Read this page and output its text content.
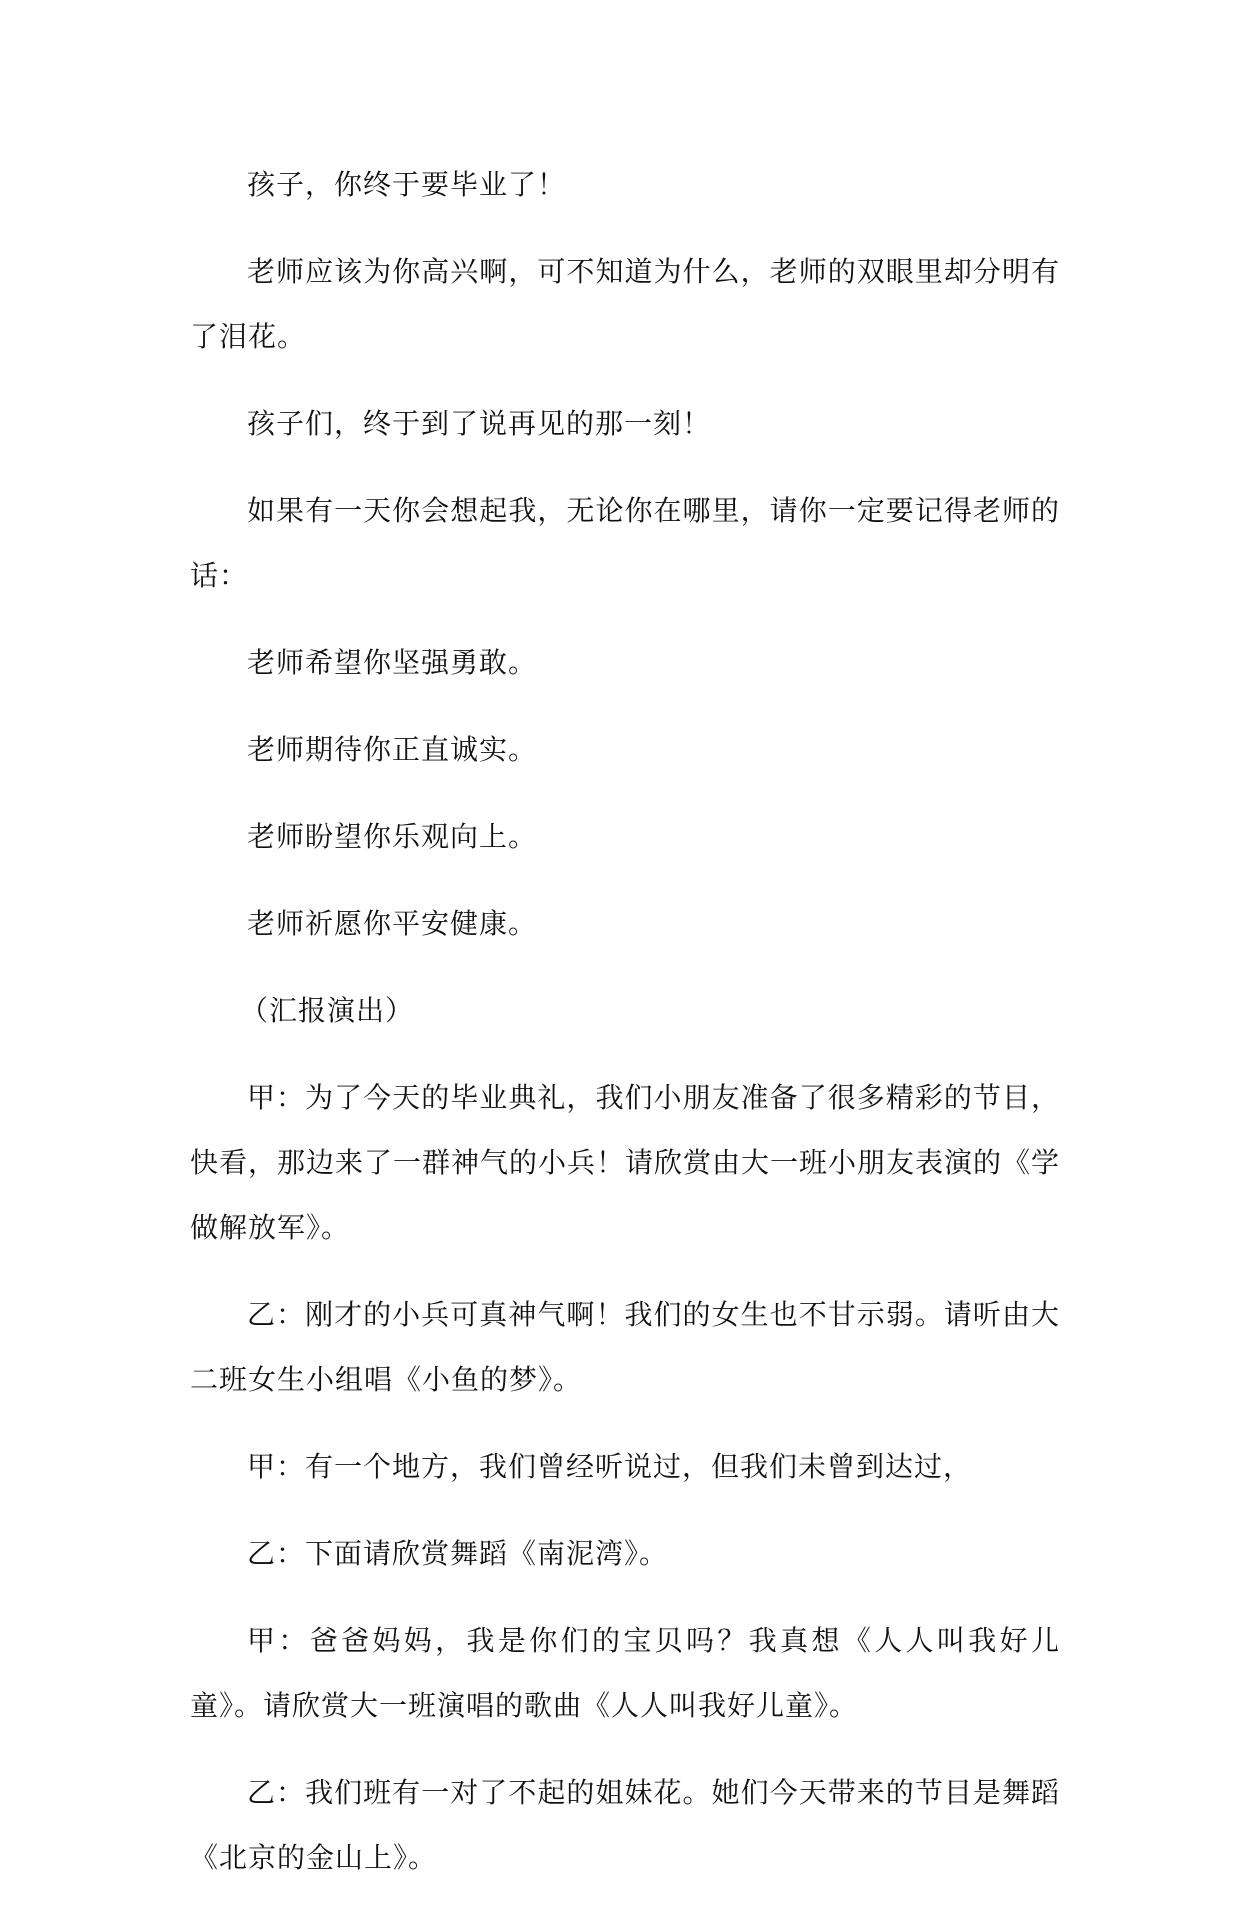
孩子，你终于要毕业了！

老师应该为你高兴啊，可不知道为什么，老师的双眼里却分明有了泪花。

孩子们，终于到了说再见的那一刻！

如果有一天你会想起我，无论你在哪里，请你一定要记得老师的话：

老师希望你坚强勇敢。

老师期待你正直诚实。

老师盼望你乐观向上。

老师祈愿你平安健康。

（汇报演出）

甲：为了今天的毕业典礼，我们小朋友准备了很多精彩的节目，快看，那边来了一群神气的小兵！请欣赏由大一班小朋友表演的《学做解放军》。

乙：刚才的小兵可真神气啊！我们的女生也不甘示弱。请听由大二班女生小组唱《小鱼的梦》。

甲：有一个地方，我们曾经听说过，但我们未曾到达过，

乙：下面请欣赏舞蹈《南泥湾》。

甲：爸爸妈妈，我是你们的宝贝吗？我真想《人人叫我好儿童》。请欣赏大一班演唱的歌曲《人人叫我好儿童》。

乙：我们班有一对了不起的姐妹花。她们今天带来的节目是舞蹈《北京的金山上》。
